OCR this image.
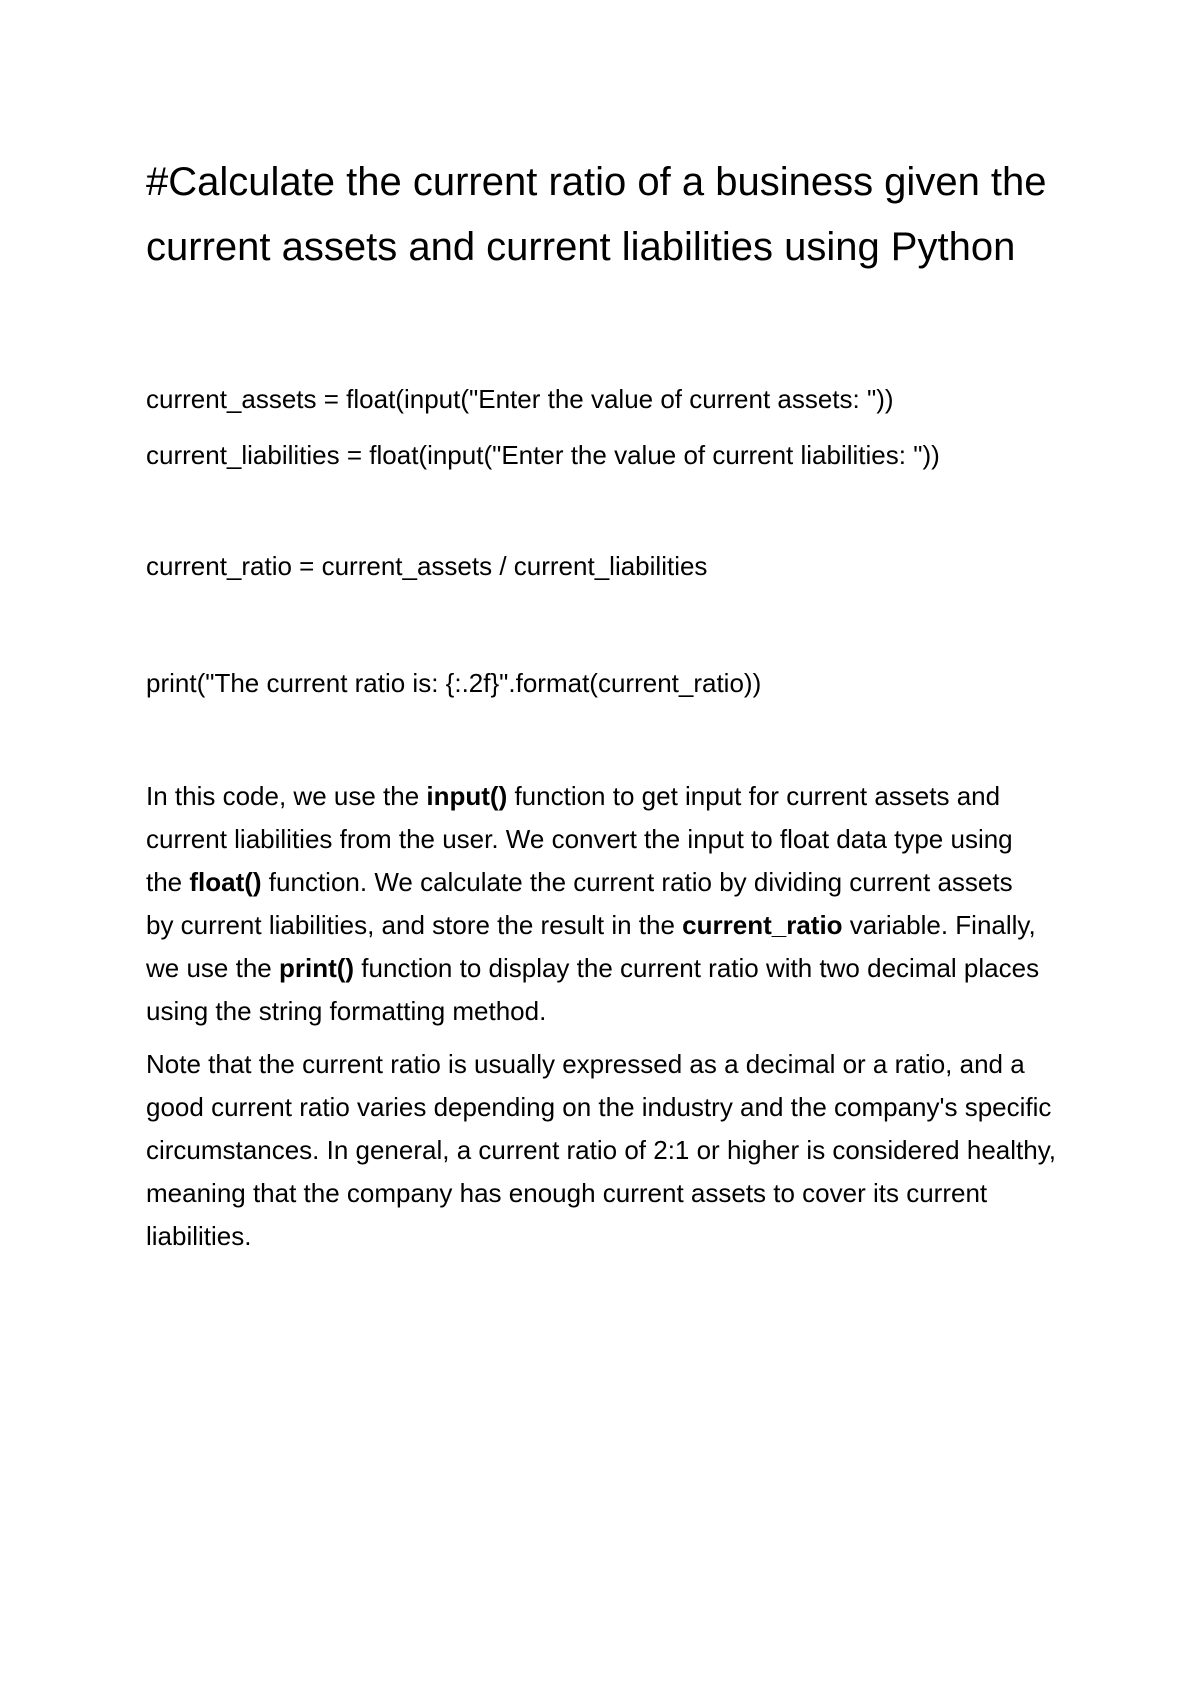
#Calculate the current ratio of a business given the current assets and current liabilities using Python

current_assets = float(input("Enter the value of current assets: "))

current_liabilities = float(input("Enter the value of current liabilities: "))

current_ratio = current_assets / current_liabilities

print("The current ratio is: {:.2f}".format(current_ratio))

In this code, we use the input() function to get input for current assets and current liabilities from the user. We convert the input to float data type using the float() function. We calculate the current ratio by dividing current assets by current liabilities, and store the result in the current_ratio variable. Finally, we use the print() function to display the current ratio with two decimal places using the string formatting method.

Note that the current ratio is usually expressed as a decimal or a ratio, and a good current ratio varies depending on the industry and the company's specific circumstances. In general, a current ratio of 2:1 or higher is considered healthy, meaning that the company has enough current assets to cover its current liabilities.
